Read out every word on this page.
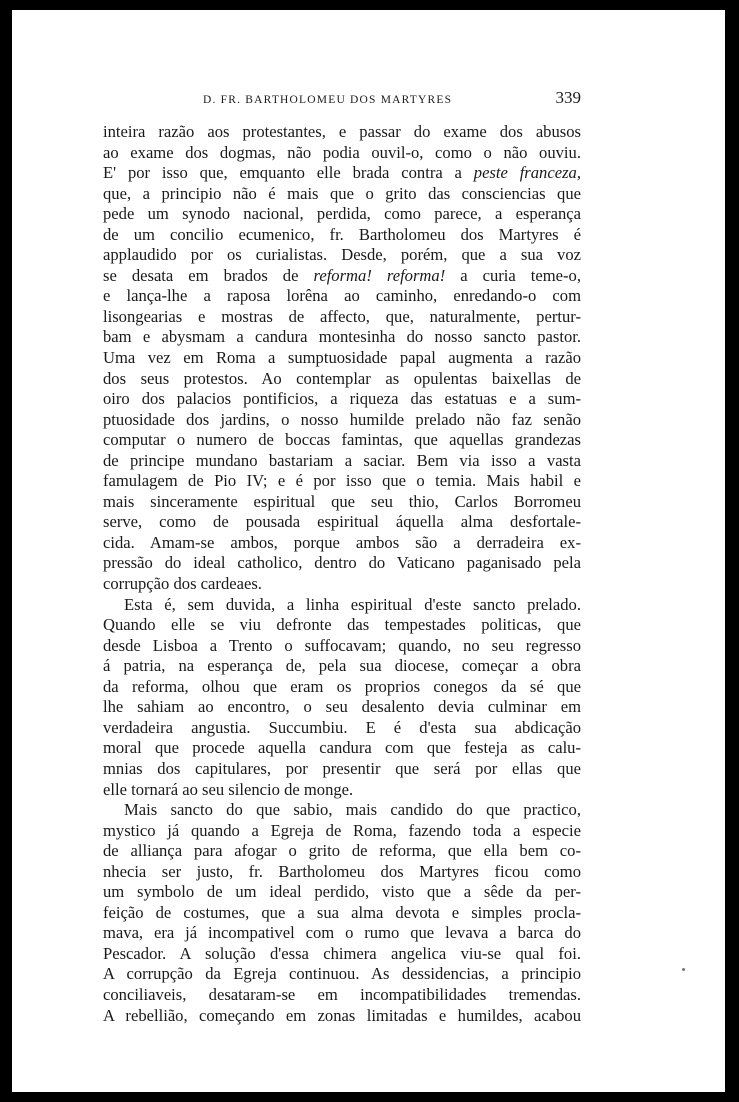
D. FR. BARTHOLOMEU DOS MARTYRES	339
inteira razão aos protestantes, e passar do exame dos abusos
ao exame dos dogmas, não podia ouvil-o, como o não ouviu.
E' por isso que, emquanto elle brada contra a peste franceza,
que, a principio não é mais que o grito das consciencias que
pede um synodo nacional, perdida, como parece, a esperança
de um concilio ecumenico, fr. Bartholomeu dos Martyres é
applaudido por os curialistas. Desde, porém, que a sua voz
se desata em brados de reforma! reforma! a curia teme-o,
e lança-lhe a raposa lorêna ao caminho, enredando-o com
lisongearias e mostras de affecto, que, naturalmente, pertur-
bam e abysmam a candura montesinha do nosso sancto pastor.
Uma vez em Roma a sumptuosidade papal augmenta a razão
dos seus protestos. Ao contemplar as opulentas baixellas de
oiro dos palacios pontificios, a riqueza das estatuas e a sum-
ptuosidade dos jardins, o nosso humilde prelado não faz senão
computar o numero de boccas famintas, que aquellas grandezas
de principe mundano bastariam a saciar. Bem via isso a vasta
famulagem de Pio IV; e é por isso que o temia. Mais habil e
mais sinceramente espiritual que seu thio, Carlos Borromeu
serve, como de pousada espiritual áquella alma desfortale-
cida. Amam-se ambos, porque ambos são a derradeira ex-
pressão do ideal catholico, dentro do Vaticano paganisado pela
corrupção dos cardeaes.
Esta é, sem duvida, a linha espiritual d'este sancto prelado.
Quando elle se viu defronte das tempestades politicas, que
desde Lisboa a Trento o suffocavam; quando, no seu regresso
á patria, na esperança de, pela sua diocese, começar a obra
da reforma, olhou que eram os proprios conegos da sé que
lhe sahiam ao encontro, o seu desalento devia culminar em
verdadeira angustia. Succumbiu. E é d'esta sua abdicação
moral que procede aquella candura com que festeja as calu-
mnias dos capitulares, por presentir que será por ellas que
elle tornará ao seu silencio de monge.
Mais sancto do que sabio, mais candido do que practico,
mystico já quando a Egreja de Roma, fazendo toda a especie
de alliança para afogar o grito de reforma, que ella bem co-
nhecia ser justo, fr. Bartholomeu dos Martyres ficou como
um symbolo de um ideal perdido, visto que a sêde da per-
feição de costumes, que a sua alma devota e simples procla-
mava, era já incompativel com o rumo que levava a barca do
Pescador. A solução d'essa chimera angelica viu-se qual foi.
A corrupção da Egreja continuou. As dessidencias, a principio
conciliaveis, desataram-se em incompatibilidades tremendas.
A rebellião, começando em zonas limitadas e humildes, acabou
